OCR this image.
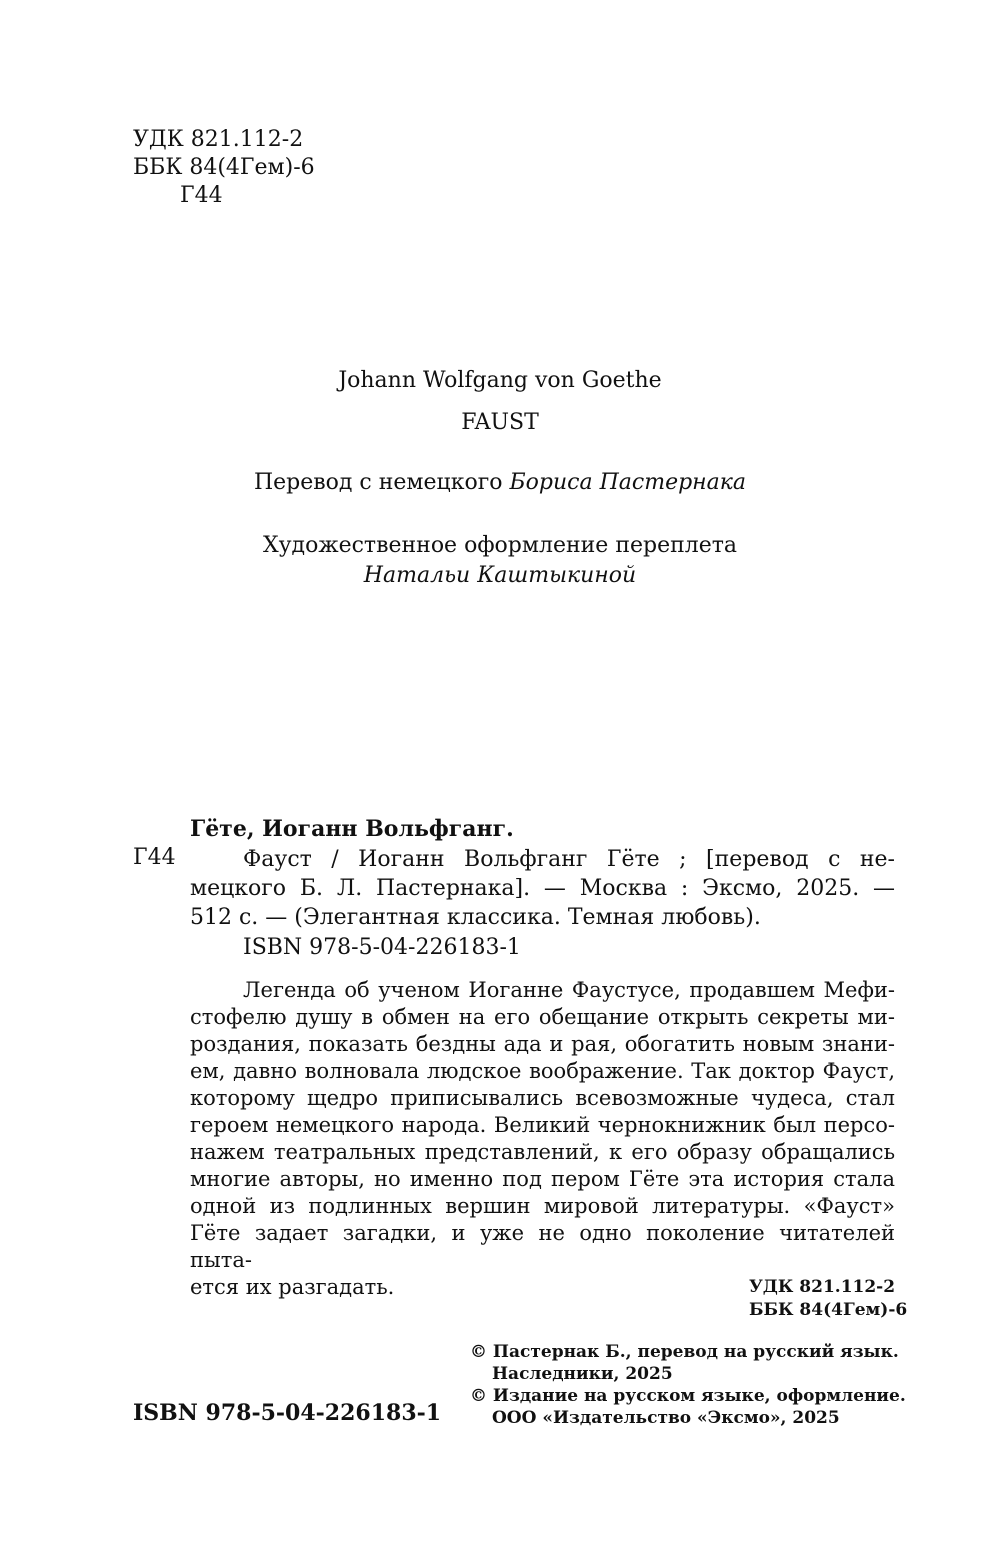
УДК 821.112-2
ББК 84(4Гем)-6
Г44
Johann Wolfgang von Goethe
FAUST
Перевод с немецкого Бориса Пастернака
Художественное оформление переплета
Натальи Каштыкиной
Гёте, Иоганн Вольфганг.
Г44	Фауст / Иоганн Вольфганг Гёте ; [перевод с не-
мецкого Б. Л. Пастернака]. — Москва : Эксмо, 2025. —
512 с. — (Элегантная классика. Темная любовь).
ISBN 978-5-04-226183-1
Легенда об ученом Иоганне Фаустусе, продавшем Мефи-
стофелю душу в обмен на его обещание открыть секреты ми-
роздания, показать бездны ада и рая, обогатить новым знани-
ем, давно волновала людское воображение. Так доктор Фауст,
которому щедро приписывались всевозможные чудеса, стал
героем немецкого народа. Великий чернокнижник был персо-
нажем театральных представлений, к его образу обращались
многие авторы, но именно под пером Гёте эта история стала
одной из подлинных вершин мировой литературы. «Фауст»
Гёте задает загадки, и уже не одно поколение читателей пыта-
ется их разгадать.	УДК 821.112-2
ББК 84(4Гем)-6
© Пастернак Б., перевод на русский язык.
Наследники, 2025
© Издание на русском языке, оформление.
ООО «Издательство «Эксмо», 2025
ISBN 978-5-04-226183-1
